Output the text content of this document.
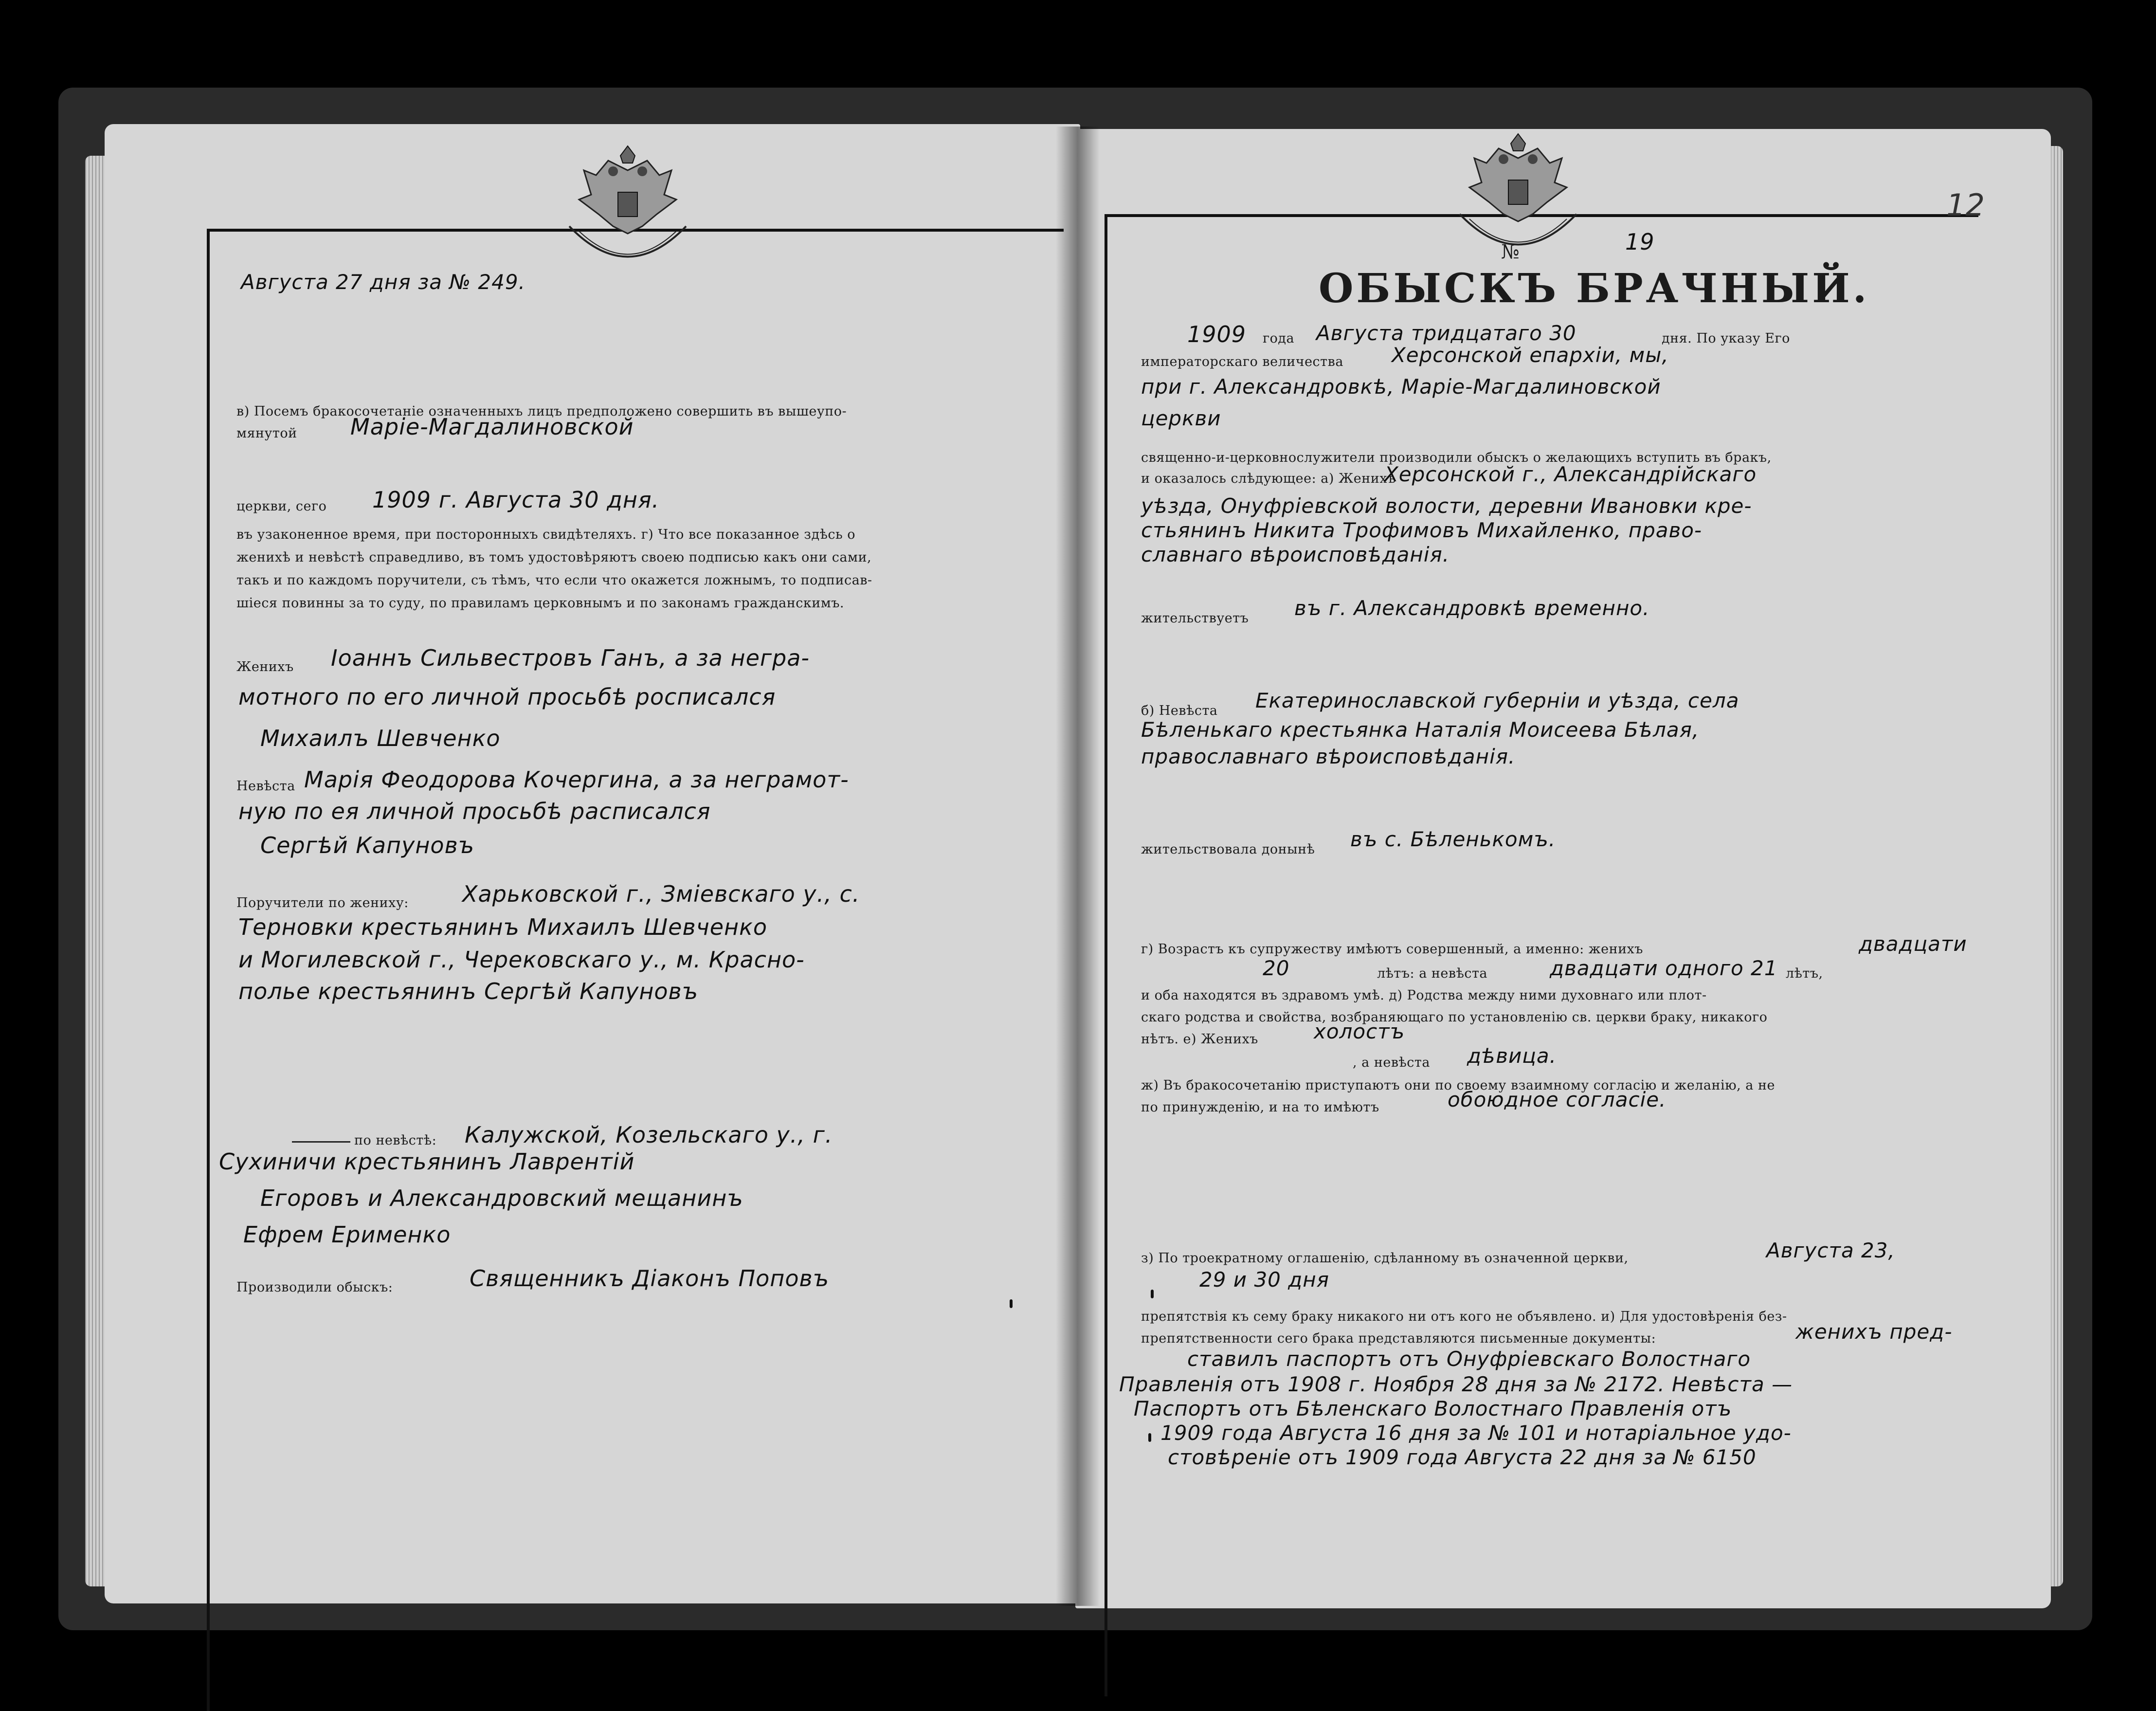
Августа 27 дня за № 249.
в) Посемъ бракосочетанiе означенныхъ лицъ предположено совершить въ вышеупо-
мянутой Марiе-Магдалиновской
церкви, сего 1909 г. Августа 30 дня.
въ узаконенное время, при посторонныхъ свидѣтеляхъ. г) Что все показанное здѣсь о
женихѣ и невѣстѣ справедливо, въ томъ удостовѣряютъ своею подписью какъ они сами,
такъ и по каждомъ поручители, съ тѣмъ, что если что окажется ложнымъ, то подписав-
шiеся повинны за то суду, по правиламъ церковнымъ и по законамъ гражданскимъ.
Женихъ Iоаннъ Сильвестровъ Ганъ, а за негра-
мотного по его личной просьбѣ росписался
Михаилъ Шевченко
Невѣста Марiя Феодорова Кочергина, а за неграмот-
ную по ея личной просьбѣ расписался
Сергѣй Капуновъ
Поручители по жениху: Харьковской г., Змiевскаго у., с.
Терновки крестьянинъ Михаилъ Шевченко
и Могилевской г., Черековскаго у., м. Красно-
полье крестьянинъ Сергѣй Капуновъ
по невѣстѣ: Калужской, Козельскаго у., г.
Сухиничи крестьянинъ Лаврентiй
Егоровъ и Александровский мещанинъ
Ефрем Ерименко
Производили обыскъ:	Священникъ Дiаконъ Поповъ
12
№	19
ОБЫСКЪ БРАЧНЫЙ.
1909 года Августа тридцатаго 30	дня. По указу Его
императорскаго величества Херсонской епархiи, мы,
при г. Александровкѣ, Марiе-Магдалиновской
церкви
священно-и-церковнослужители производили обыскъ о желающихъ вступить въ бракъ,
и оказалось слѣдующее: а) Женихъ
Херсонской г., Александрiйскаго
уѣзда, Онуфрiевской волости, деревни Ивановки кре-
стьянинъ Никита Трофимовъ Михайленко, право-
славнаго вѣроисповѣданiя.
жительствуетъ въ г. Александровкѣ временно.
б) Невѣста Екатеринославской губернiи и уѣзда, села
Бѣленькаго крестьянка Наталiя Моисеева Бѣлая,
православнаго вѣроисповѣданiя.
жительствовала донынѣ въ с. Бѣленькомъ.
г) Возрастъ къ супружеству имѣютъ совершенный, а именно: женихъ	двадцати
20	лѣтъ: а невѣста	двадцати одного 21 лѣтъ,
и оба находятся въ здравомъ умѣ. д) Родства между ними духовнаго или плот-
скаго родства и свойства, возбраняющаго по установленiю св. церкви браку, никакого
нѣтъ. е) Женихъ	холостъ
, а невѣста дѣвица.
ж) Въ бракосочетанiю приступаютъ они по своему взаимному согласiю и желанiю, а не
по принужденiю, и на то имѣютъ	обоюдное согласiе.
з) По троекратному оглашенiю, сдѣланному въ означенной церкви,	Августа 23,
29 и 30 дня
препятствiя къ сему браку никакого ни отъ кого не объявлено. и) Для удостовѣренiя без-
препятственности сего брака представляются письменные документы:	женихъ пред-
ставилъ паспортъ отъ Онуфрiевскаго Волостнаго
Правленiя отъ 1908 г. Ноября 28 дня за № 2172. Невѣста —
Паспортъ отъ Бѣленскаго Волостнаго Правленiя отъ
1909 года Августа 16 дня за № 101 и нотарiальное удо-
стовѣренiе отъ 1909 года Августа 22 дня за № 6150
